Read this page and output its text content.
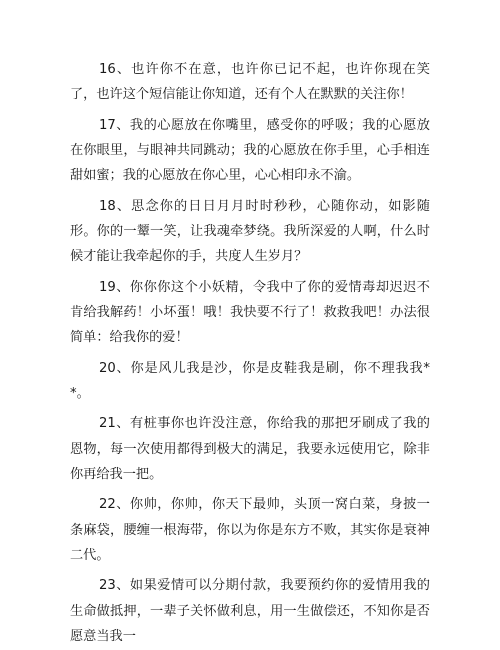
16、也许你不在意，也许你已记不起，也许你现在笑了，也许这个短信能让你知道，还有个人在默默的关注你！

17、我的心愿放在你嘴里，感受你的呼吸；我的心愿放在你眼里，与眼神共同跳动；我的心愿放在你手里，心手相连甜如蜜；我的心愿放在你心里，心心相印永不渝。

18、思念你的日日月月时时秒秒，心随你动，如影随形。你的一颦一笑，让我魂牵梦绕。我所深爱的人啊，什么时候才能让我牵起你的手，共度人生岁月？

19、你你你这个小妖精，令我中了你的爱情毒却迟迟不肯给我解药！小坏蛋！哦！我快要不行了！救救我吧！办法很简单：给我你的爱！

20、你是风儿我是沙，你是皮鞋我是刷，你不理我我**。

21、有桩事你也许没注意，你给我的那把牙刷成了我的恩物，每一次使用都得到极大的满足，我要永远使用它，除非你再给我一把。

22、你帅，你帅，你天下最帅，头顶一窝白菜，身披一条麻袋，腰缠一根海带，你以为你是东方不败，其实你是衰神二代。

23、如果爱情可以分期付款，我要预约你的爱情用我的生命做抵押，一辈子关怀做利息，用一生做偿还，不知你是否愿意当我一
